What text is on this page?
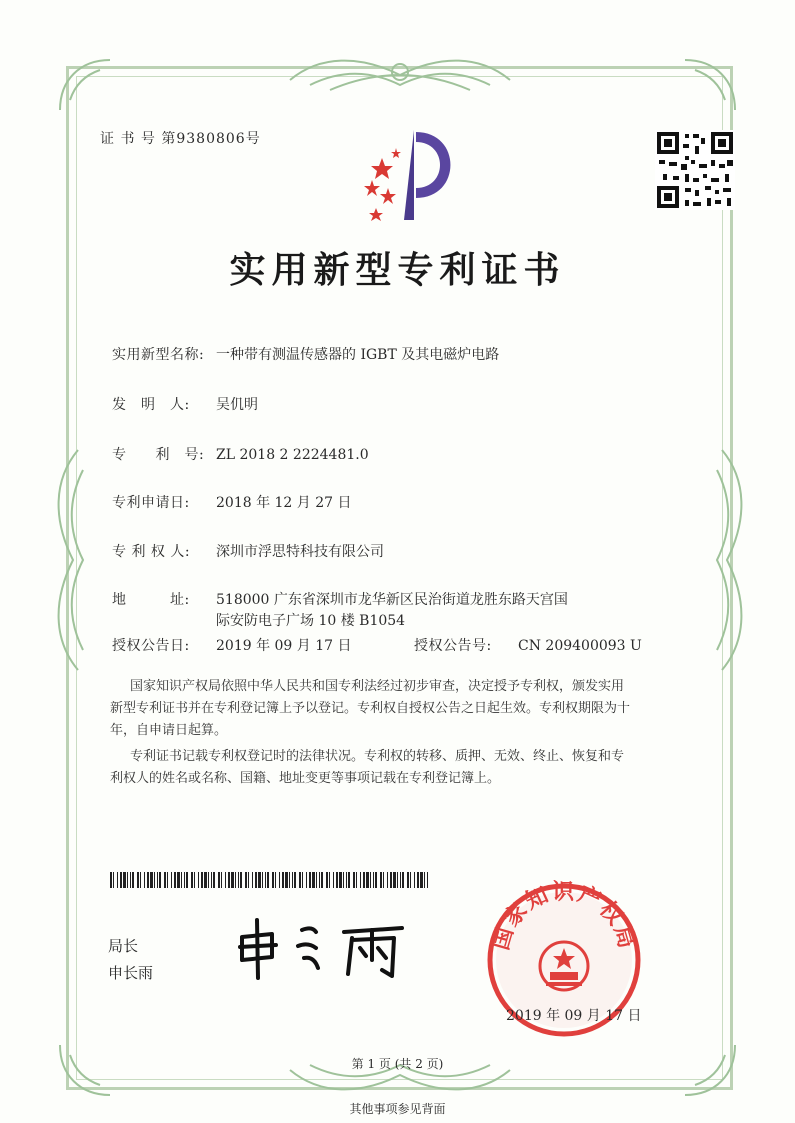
证 书 号 第9380806号
实用新型专利证书
实用新型名称: 一种带有测温传感器的 IGBT 及其电磁炉电路
发　明　人: 吴仉明
专　　利　号: ZL 2018 2 2224481.0
专利申请日: 2018 年 12 月 27 日
专 利 权 人: 深圳市浮思特科技有限公司
地　　　址: 518000 广东省深圳市龙华新区民治街道龙胜东路天宫国
际安防电子广场 10 楼 B1054
授权公告日: 2019 年 09 月 17 日	授权公告号: CN 209400093 U
国家知识产权局依照中华人民共和国专利法经过初步审查，决定授予专利权，颁发实用
新型专利证书并在专利登记簿上予以登记。专利权自授权公告之日起生效。专利权期限为十
年，自申请日起算。
专利证书记载专利权登记时的法律状况。专利权的转移、质押、无效、终止、恢复和专
利权人的姓名或名称、国籍、地址变更等事项记载在专利登记簿上。
局长
申长雨
国家知识产权局
2019 年 09 月 17 日
第 1 页 (共 2 页)
其他事项参见背面
